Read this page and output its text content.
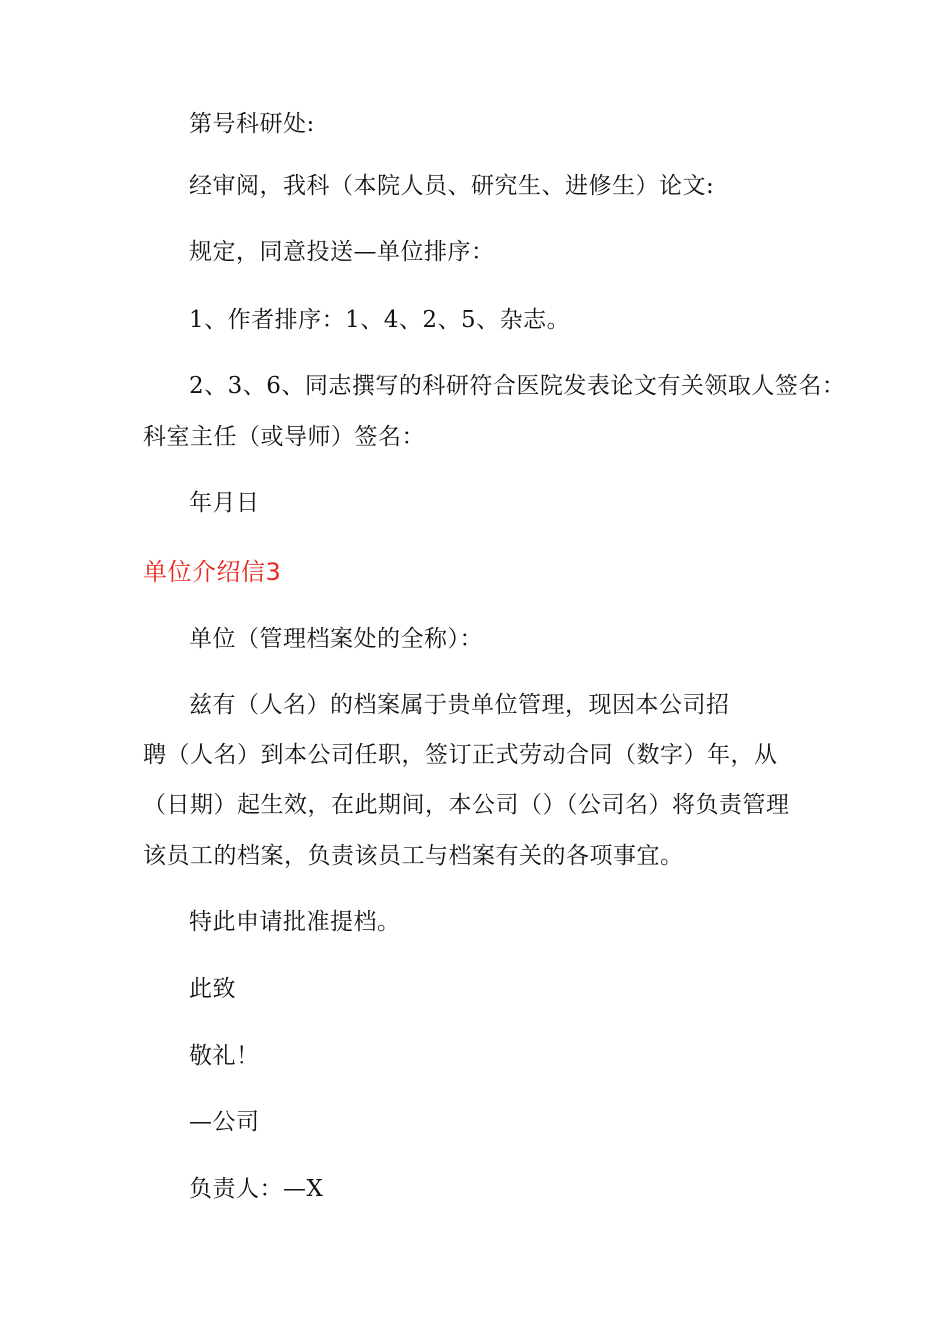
第号科研处:
经审阅，我科（本院人员、研究生、进修生）论文:
规定，同意投送—单位排序：
1、作者排序：1、4、2、5、杂志。
2、3、6、同志撰写的科研符合医院发表论文有关领取人签名：
科室主任（或导师）签名：
年月日
单位介绍信3
单位（管理档案处的全称）：
兹有（人名）的档案属于贵单位管理，现因本公司招
聘（人名）到本公司任职，签订正式劳动合同（数字）年，从
（日期）起生效，在此期间，本公司（）（公司名）将负责管理
该员工的档案，负责该员工与档案有关的各项事宜。
特此申请批准提档。
此致
敬礼！
—公司
负责人：—X
